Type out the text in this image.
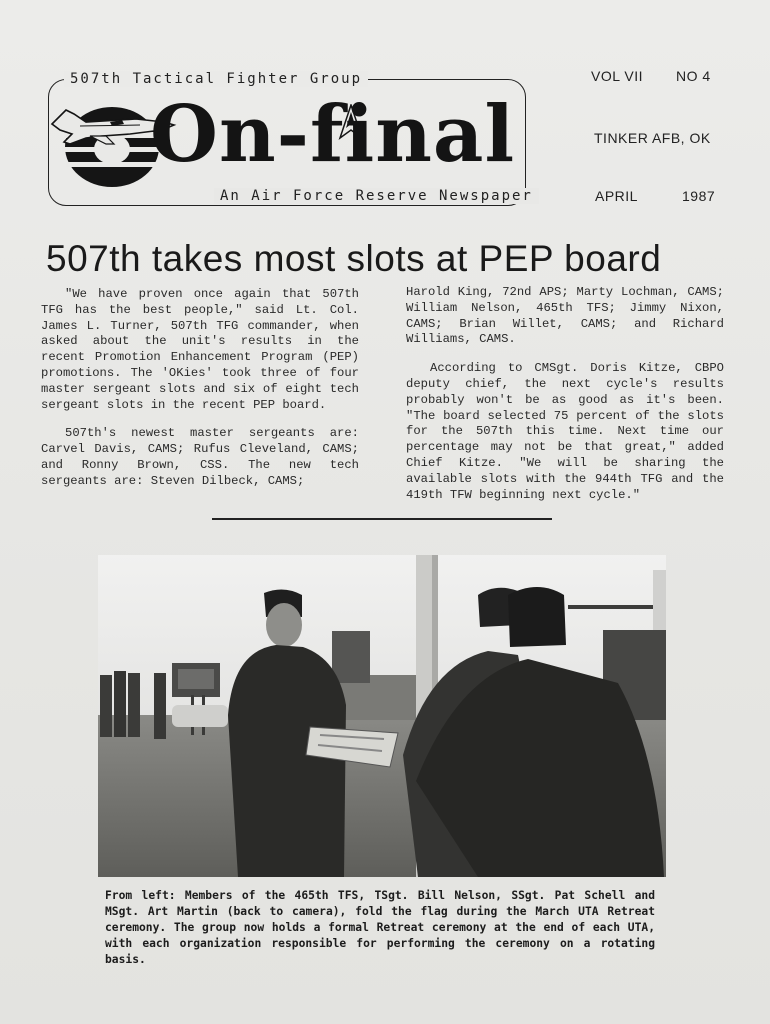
507th Tactical Fighter Group
On-final
An Air Force Reserve Newspaper
VOL VII NO 4
TINKER AFB, OK
APRIL	1987
507th takes most slots at PEP board

"We have proven once again that 507th TFG has the best people," said Lt. Col. James L. Turner, 507th TFG commander, when asked about the unit's results in the recent Promotion Enhancement Program (PEP) promotions. The 'OKies' took three of four master sergeant slots and six of eight tech sergeant slots in the recent PEP board.

507th's newest master sergeants are: Carvel Davis, CAMS; Rufus Cleveland, CAMS; and Ronny Brown, CSS. The new tech sergeants are: Steven Dilbeck, CAMS;

Harold King, 72nd APS; Marty Lochman, CAMS; William Nelson, 465th TFS; Jimmy Nixon, CAMS; Brian Willet, CAMS; and Richard Williams, CAMS.

According to CMSgt. Doris Kitze, CBPO deputy chief, the next cycle's results probably won't be as good as it's been. "The board selected 75 percent of the slots for the 507th this time. Next time our percentage may not be that great," added Chief Kitze. "We will be sharing the available slots with the 944th TFG and the 419th TFW beginning next cycle."

From left: Members of the 465th TFS, TSgt. Bill Nelson, SSgt. Pat Schell and MSgt. Art Martin (back to camera), fold the flag during the March UTA Retreat ceremony. The group now holds a formal Retreat ceremony at the end of each UTA, with each organization responsible for performing the ceremony on a rotating basis.
